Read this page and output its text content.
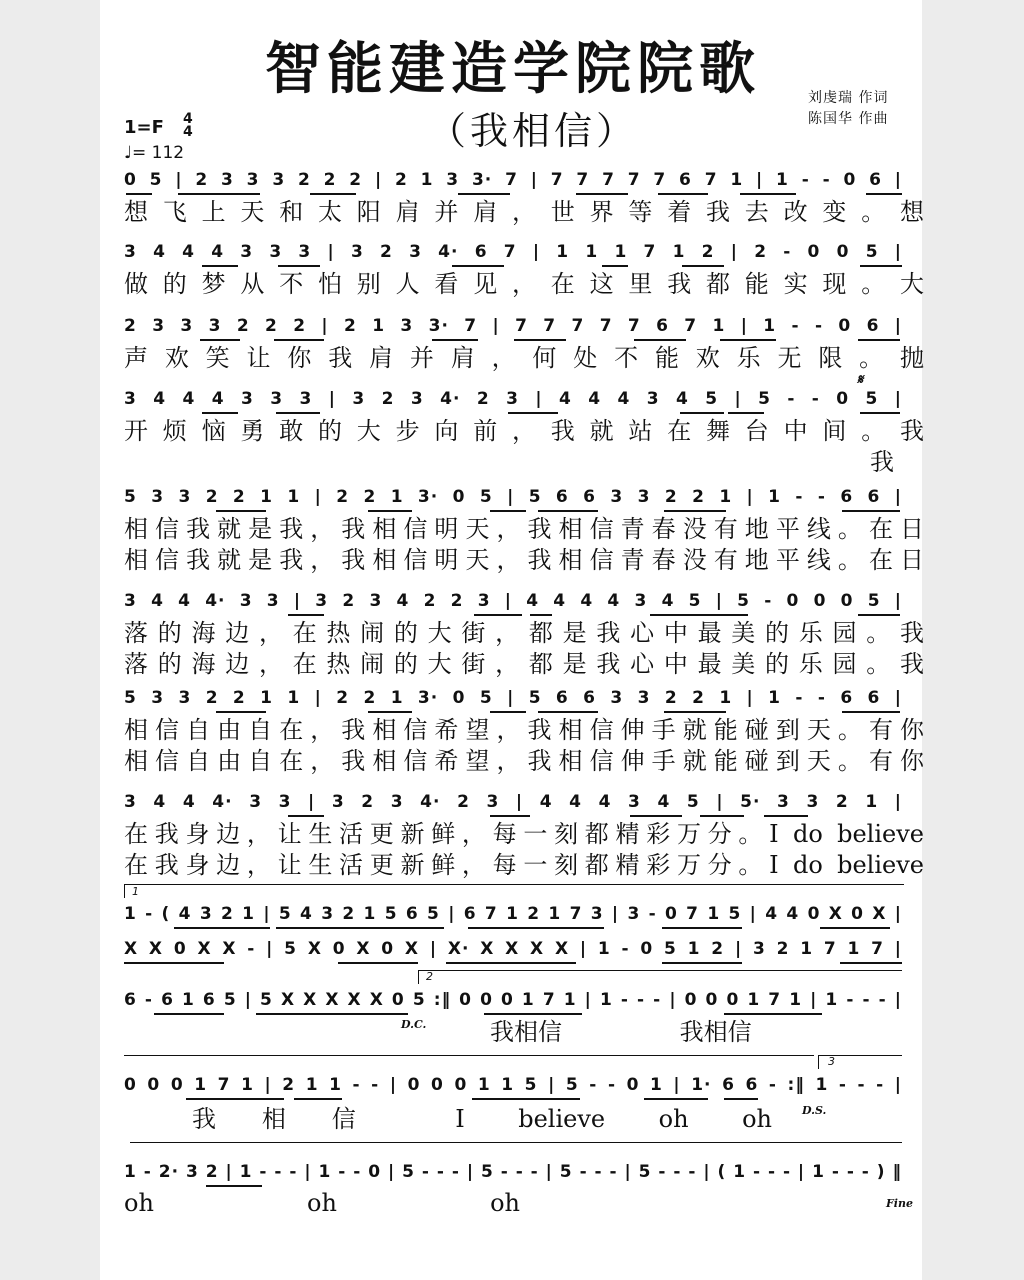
智能建造学院院歌
（我相信）
刘虔瑞 作词
陈国华 作曲
1=F 4
4
♩= 112
0 5 | 2 3 3 3 2 2 2 | 2 1 3 3· 7 | 7 7 7 7 7 6 7 1 | 1 - - 0 6 |
3 4 4 4 3 3 3 | 3 2 3 4· 6 7 | 1 1 1 7 1 2 | 2 - 0 0 5 |
2 3 3 3 2 2 2 | 2 1 3 3· 7 | 7 7 7 7 7 6 7 1 | 1 - - 0 6 |
3 4 4 4 3 3 3 | 3 2 3 4· 2 3 | 4 4 4 3 4 5 | 5 - - 0 5 |
5 3 3 2 2 1 1 | 2 2 1 3· 0 5 | 5 6 6 3 3 2 2 1 | 1 - - 6 6 |
3 4 4 4· 3 3 | 3 2 3 4 2 2 3 | 4 4 4 4 3 4 5 | 5 - 0 0 0 5 |
5 3 3 2 2 1 1 | 2 2 1 3· 0 5 | 5 6 6 3 3 2 2 1 | 1 - - 6 6 |
3 4 4 4· 3 3 | 3 2 3 4· 2 3 | 4 4 4 3 4 5 | 5· 3 3 2 1 |
1 - ( 4 3 2 1 | 5 4 3 2 1 5 6 5 | 6 7 1 2 1 7 3 | 3 - 0 7 1 5 | 4 4 0 X 0 X |
X X 0 X X - | 5 X 0 X 0 X | X· X X X X | 1 - 0 5 1 2 | 3 2 1 7 1 7 |
6 - 6 1 6 5 | 5 X X X X X 0 5 :‖ 0 0 0 1 7 1 | 1 - - - | 0 0 0 1 7 1 | 1 - - - |
0 0 0 1 7 1 | 2 1 1 - - | 0 0 0 1 1 5 | 5 - - 0 1 | 1· 6 6 - :‖ 1 - - - |
1 - 2· 3 2 | 1 - - - | 1 - - 0 | 5 - - - | 5 - - - | 5 - - - | 5 - - - | ( 1 - - - | 1 - - - ) ‖
想飞上天和太阳肩并肩，世界等着我去改变。想
做的梦从不怕别人看见，在这里我都能实现。大
声欢笑让你我肩并肩，何处不能欢乐无限。抛
开烦恼勇敢的大步向前，我就站在舞台中间。我
我
相信我就是我，我相信明天，我相信青春没有地平线。在日
相信我就是我，我相信明天，我相信青春没有地平线。在日
落的海边，在热闹的大街，都是我心中最美的乐园。我
落的海边，在热闹的大街，都是我心中最美的乐园。我
相信自由自在，我相信希望，我相信伸手就能碰到天。有你
相信自由自在，我相信希望，我相信伸手就能碰到天。有你
在我身边，让生活更新鲜，每一刻都精彩万分。I do believe
在我身边，让生活更新鲜，每一刻都精彩万分。I do believe
我相信 我相信
我相信 I believe oh oh
oh oh oh
𝄋
D.C.
D.S.
Fine
1
2
3
